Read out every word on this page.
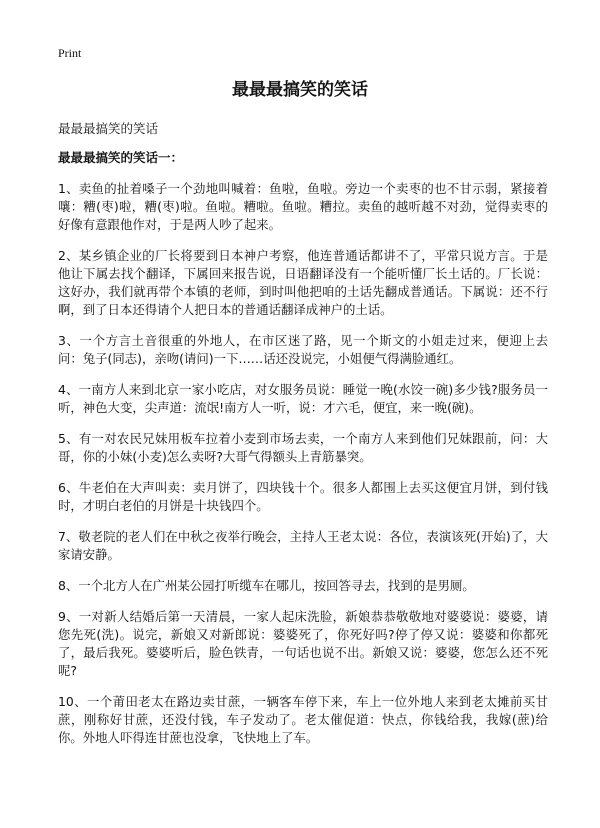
Print
最最最搞笑的笑话
最最最搞笑的笑话
最最最搞笑的笑话一：

1、卖鱼的扯着嗓子一个劲地叫喊着：鱼啦，鱼啦。旁边一个卖枣的也不甘示弱，紧接着嚷：糟(枣)啦，糟(枣)啦。鱼啦。糟啦。鱼啦。糟拉。卖鱼的越听越不对劲，觉得卖枣的好像有意跟他作对，于是两人吵了起来。

2、某乡镇企业的厂长将要到日本神户考察，他连普通话都讲不了，平常只说方言。于是他让下属去找个翻译，下属回来报告说，日语翻译没有一个能听懂厂长土话的。厂长说：这好办，我们就再带个本镇的老师，到时叫他把咱的土话先翻成普通话。下属说：还不行啊，到了日本还得请个人把日本的普通话翻译成神户的土话。

3、一个方言土音很重的外地人，在市区迷了路，见一个斯文的小姐走过来，便迎上去问：兔子(同志)，亲吻(请问)一下……话还没说完，小姐便气得满脸通红。

4、一南方人来到北京一家小吃店，对女服务员说：睡觉一晚(水饺一碗)多少钱?服务员一听，神色大变，尖声道：流氓!南方人一听，说：才六毛，便宜，来一晚(碗)。

5、有一对农民兄妹用板车拉着小麦到市场去卖，一个南方人来到他们兄妹跟前，问：大哥，你的小妹(小麦)怎么卖呀?大哥气得额头上青筋暴突。

6、牛老伯在大声叫卖：卖月饼了，四块钱十个。很多人都围上去买这便宜月饼，到付钱时，才明白老伯的月饼是十块钱四个。

7、敬老院的老人们在中秋之夜举行晚会，主持人王老太说：各位，表演该死(开始)了，大家请安静。

8、一个北方人在广州某公园打听缆车在哪儿，按回答寻去，找到的是男厕。

9、一对新人结婚后第一天清晨，一家人起床洗脸，新娘恭恭敬敬地对婆婆说：婆婆，请您先死(洗)。说完，新娘又对新郎说：婆婆死了，你死好吗?停了停又说：婆婆和你都死了，最后我死。婆婆听后，脸色铁青，一句话也说不出。新娘又说：婆婆，您怎么还不死呢?

10、一个莆田老太在路边卖甘蔗，一辆客车停下来，车上一位外地人来到老太摊前买甘蔗，刚称好甘蔗，还没付钱，车子发动了。老太催促道：快点，你钱给我，我嫁(蔗)给你。外地人吓得连甘蔗也没拿，飞快地上了车。
